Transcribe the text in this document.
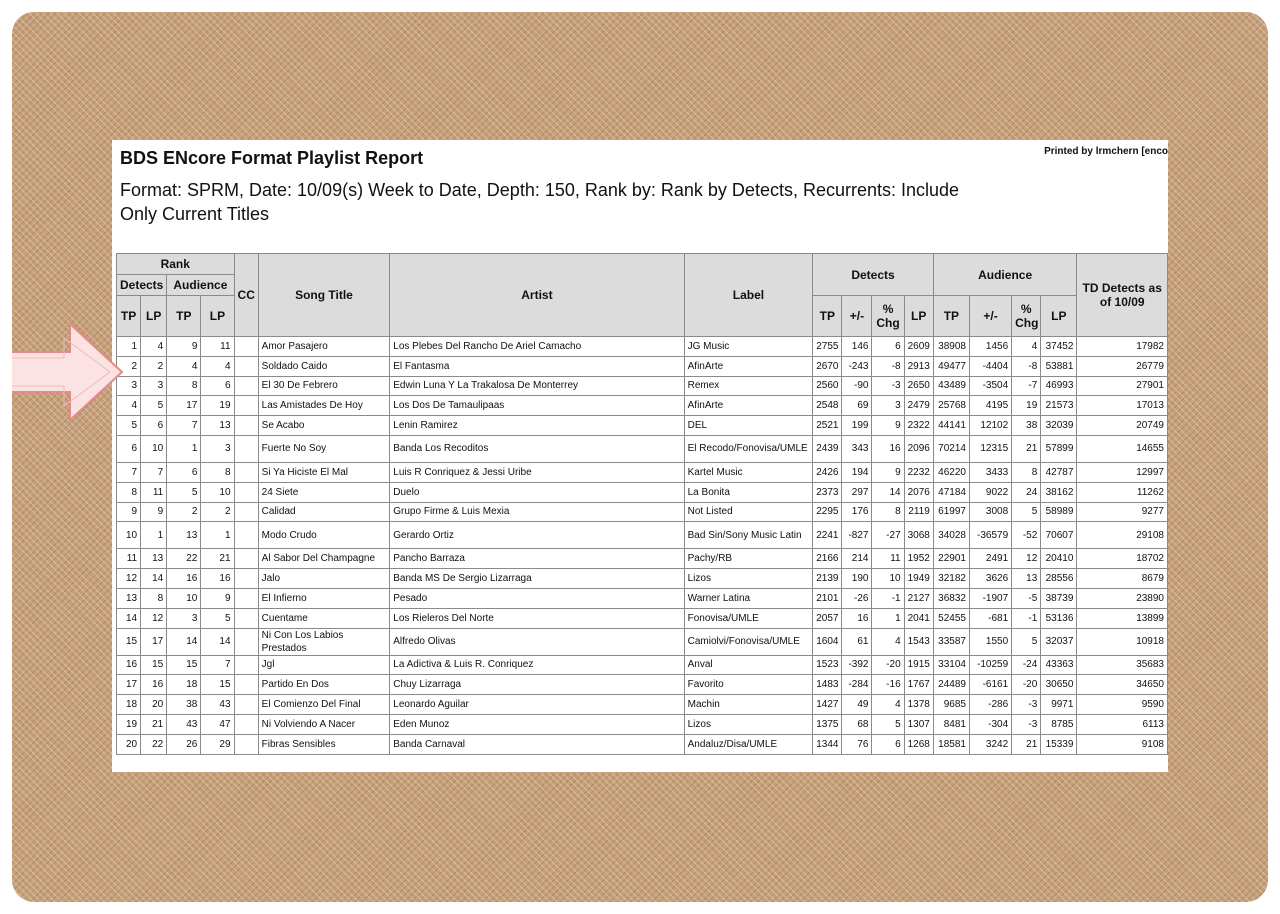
BDS ENcore Format Playlist Report	Printed by lrmchern [enco
Format: SPRM, Date: 10/09(s) Week to Date, Depth: 150, Rank by: Rank by Detects, Recurrents: Include Only Current Titles
Rank				CC	Song Title	Artist	Label	Detects				Audience				TD Detects as of 10/09
Detects		Audience														
TP	LP	TP	LP					TP	+/-	% Chg	LP	TP	+/-	% Chg	LP	
1	4	9	11		Amor Pasajero	Los Plebes Del Rancho De Ariel Camacho	JG Music	2755	146	6	2609	38908	1456	4	37452	17982
2	2	4	4		Soldado Caido	El Fantasma	AfinArte	2670	-243	-8	2913	49477	-4404	-8	53881	26779
3	3	8	6		El 30 De Febrero	Edwin Luna Y La Trakalosa De Monterrey	Remex	2560	-90	-3	2650	43489	-3504	-7	46993	27901
4	5	17	19		Las Amistades De Hoy	Los Dos De Tamaulipaas	AfinArte	2548	69	3	2479	25768	4195	19	21573	17013
5	6	7	13		Se Acabo	Lenin Ramirez	DEL	2521	199	9	2322	44141	12102	38	32039	20749
6	10	1	3		Fuerte No Soy	Banda Los Recoditos	El Recodo/Fonovisa/UMLE	2439	343	16	2096	70214	12315	21	57899	14655
7	7	6	8		Si Ya Hiciste El Mal	Luis R Conriquez & Jessi Uribe	Kartel Music	2426	194	9	2232	46220	3433	8	42787	12997
8	11	5	10		24 Siete	Duelo	La Bonita	2373	297	14	2076	47184	9022	24	38162	11262
9	9	2	2		Calidad	Grupo Firme & Luis Mexia	Not Listed	2295	176	8	2119	61997	3008	5	58989	9277
10	1	13	1		Modo Crudo	Gerardo Ortiz	Bad Sin/Sony Music Latin	2241	-827	-27	3068	34028	-36579	-52	70607	29108
11	13	22	21		Al Sabor Del Champagne	Pancho Barraza	Pachy/RB	2166	214	11	1952	22901	2491	12	20410	18702
12	14	16	16		Jalo	Banda MS De Sergio Lizarraga	Lizos	2139	190	10	1949	32182	3626	13	28556	8679
13	8	10	9		El Infierno	Pesado	Warner Latina	2101	-26	-1	2127	36832	-1907	-5	38739	23890
14	12	3	5		Cuentame	Los Rieleros Del Norte	Fonovisa/UMLE	2057	16	1	2041	52455	-681	-1	53136	13899
15	17	14	14		Ni Con Los Labios Prestados	Alfredo Olivas	Camiolvi/Fonovisa/UMLE	1604	61	4	1543	33587	1550	5	32037	10918
16	15	15	7		Jgl	La Adictiva & Luis R. Conriquez	Anval	1523	-392	-20	1915	33104	-10259	-24	43363	35683
17	16	18	15		Partido En Dos	Chuy Lizarraga	Favorito	1483	-284	-16	1767	24489	-6161	-20	30650	34650
18	20	38	43		El Comienzo Del Final	Leonardo Aguilar	Machin	1427	49	4	1378	9685	-286	-3	9971	9590
19	21	43	47		Ni Volviendo A Nacer	Eden Munoz	Lizos	1375	68	5	1307	8481	-304	-3	8785	6113
20	22	26	29		Fibras Sensibles	Banda Carnaval	Andaluz/Disa/UMLE	1344	76	6	1268	18581	3242	21	15339	9108
